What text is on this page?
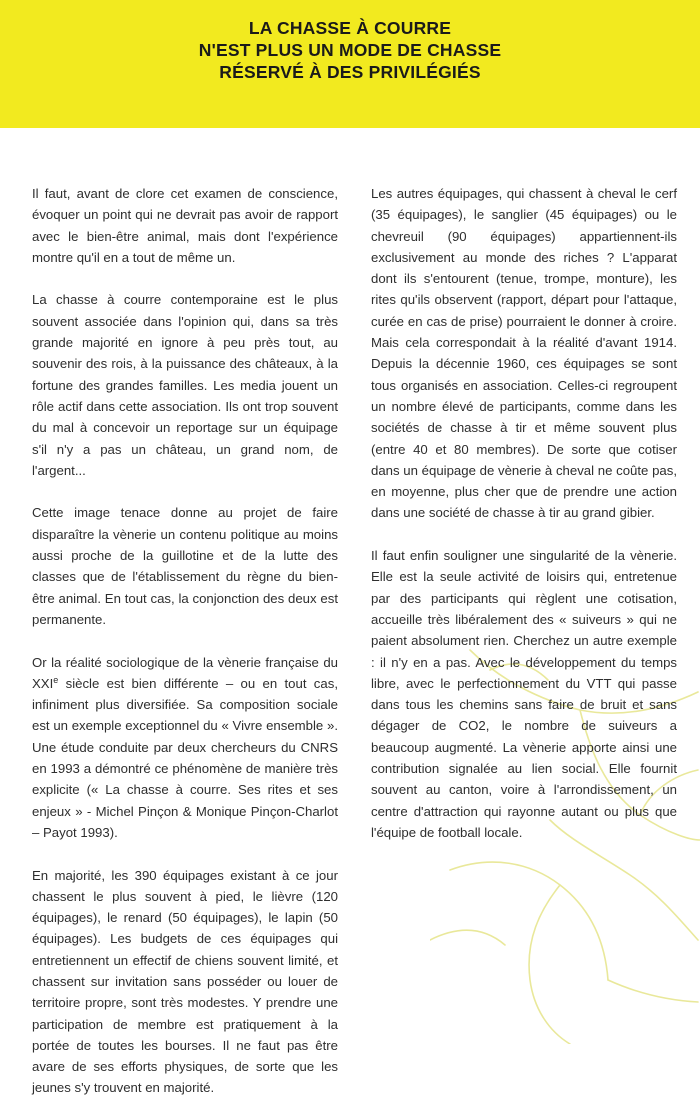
LA CHASSE À COURRE
N'EST PLUS UN MODE DE CHASSE
RÉSERVÉ À DES PRIVILÉGIÉS

Il faut, avant de clore cet examen de conscience, évoquer un point qui ne devrait pas avoir de rapport avec le bien-être animal, mais dont l'expérience montre qu'il en a tout de même un.

La chasse à courre contemporaine est le plus souvent associée dans l'opinion qui, dans sa très grande majorité en ignore à peu près tout, au souvenir des rois, à la puissance des châteaux, à la fortune des grandes familles. Les media jouent un rôle actif dans cette association. Ils ont trop souvent du mal à concevoir un reportage sur un équipage s'il n'y a pas un château, un grand nom, de l'argent...

Cette image tenace donne au projet de faire disparaître la vènerie un contenu politique au moins aussi proche de la guillotine et de la lutte des classes que de l'établissement du règne du bien-être animal. En tout cas, la conjonction des deux est permanente.

Or la réalité sociologique de la vènerie française du XXIe siècle est bien différente – ou en tout cas, infiniment plus diversifiée. Sa composition sociale est un exemple exceptionnel du « Vivre ensemble ». Une étude conduite par deux chercheurs du CNRS en 1993 a démontré ce phénomène de manière très explicite (« La chasse à courre. Ses rites et ses enjeux » - Michel Pinçon & Monique Pinçon-Charlot – Payot 1993).

En majorité, les 390 équipages existant à ce jour chassent le plus souvent à pied, le lièvre (120 équipages), le renard (50 équipages), le lapin (50 équipages). Les budgets de ces équipages qui entretiennent un effectif de chiens souvent limité, et chassent sur invitation sans posséder ou louer de territoire propre, sont très modestes. Y prendre une participation de membre est pratiquement à la portée de toutes les bourses. Il ne faut pas être avare de ses efforts physiques, de sorte que les jeunes s'y trouvent en majorité.

Les autres équipages, qui chassent à cheval le cerf (35 équipages), le sanglier (45 équipages) ou le chevreuil (90 équipages) appartiennent-ils exclusivement au monde des riches ? L'apparat dont ils s'entourent (tenue, trompe, monture), les rites qu'ils observent (rapport, départ pour l'attaque, curée en cas de prise) pourraient le donner à croire. Mais cela correspondait à la réalité d'avant 1914. Depuis la décennie 1960, ces équipages se sont tous organisés en association. Celles-ci regroupent un nombre élevé de participants, comme dans les sociétés de chasse à tir et même souvent plus (entre 40 et 80 membres). De sorte que cotiser dans un équipage de vènerie à cheval ne coûte pas, en moyenne, plus cher que de prendre une action dans une société de chasse à tir au grand gibier.

Il faut enfin souligner une singularité de la vènerie. Elle est la seule activité de loisirs qui, entretenue par des participants qui règlent une cotisation, accueille très libéralement des « suiveurs » qui ne paient absolument rien. Cherchez un autre exemple : il n'y en a pas. Avec le développement du temps libre, avec le perfectionnement du VTT qui passe dans tous les chemins sans faire de bruit et sans dégager de CO2, le nombre de suiveurs a beaucoup augmenté. La vènerie apporte ainsi une contribution signalée au lien social. Elle fournit souvent au canton, voire à l'arrondissement, un centre d'attraction qui rayonne autant ou plus que l'équipe de football locale.
